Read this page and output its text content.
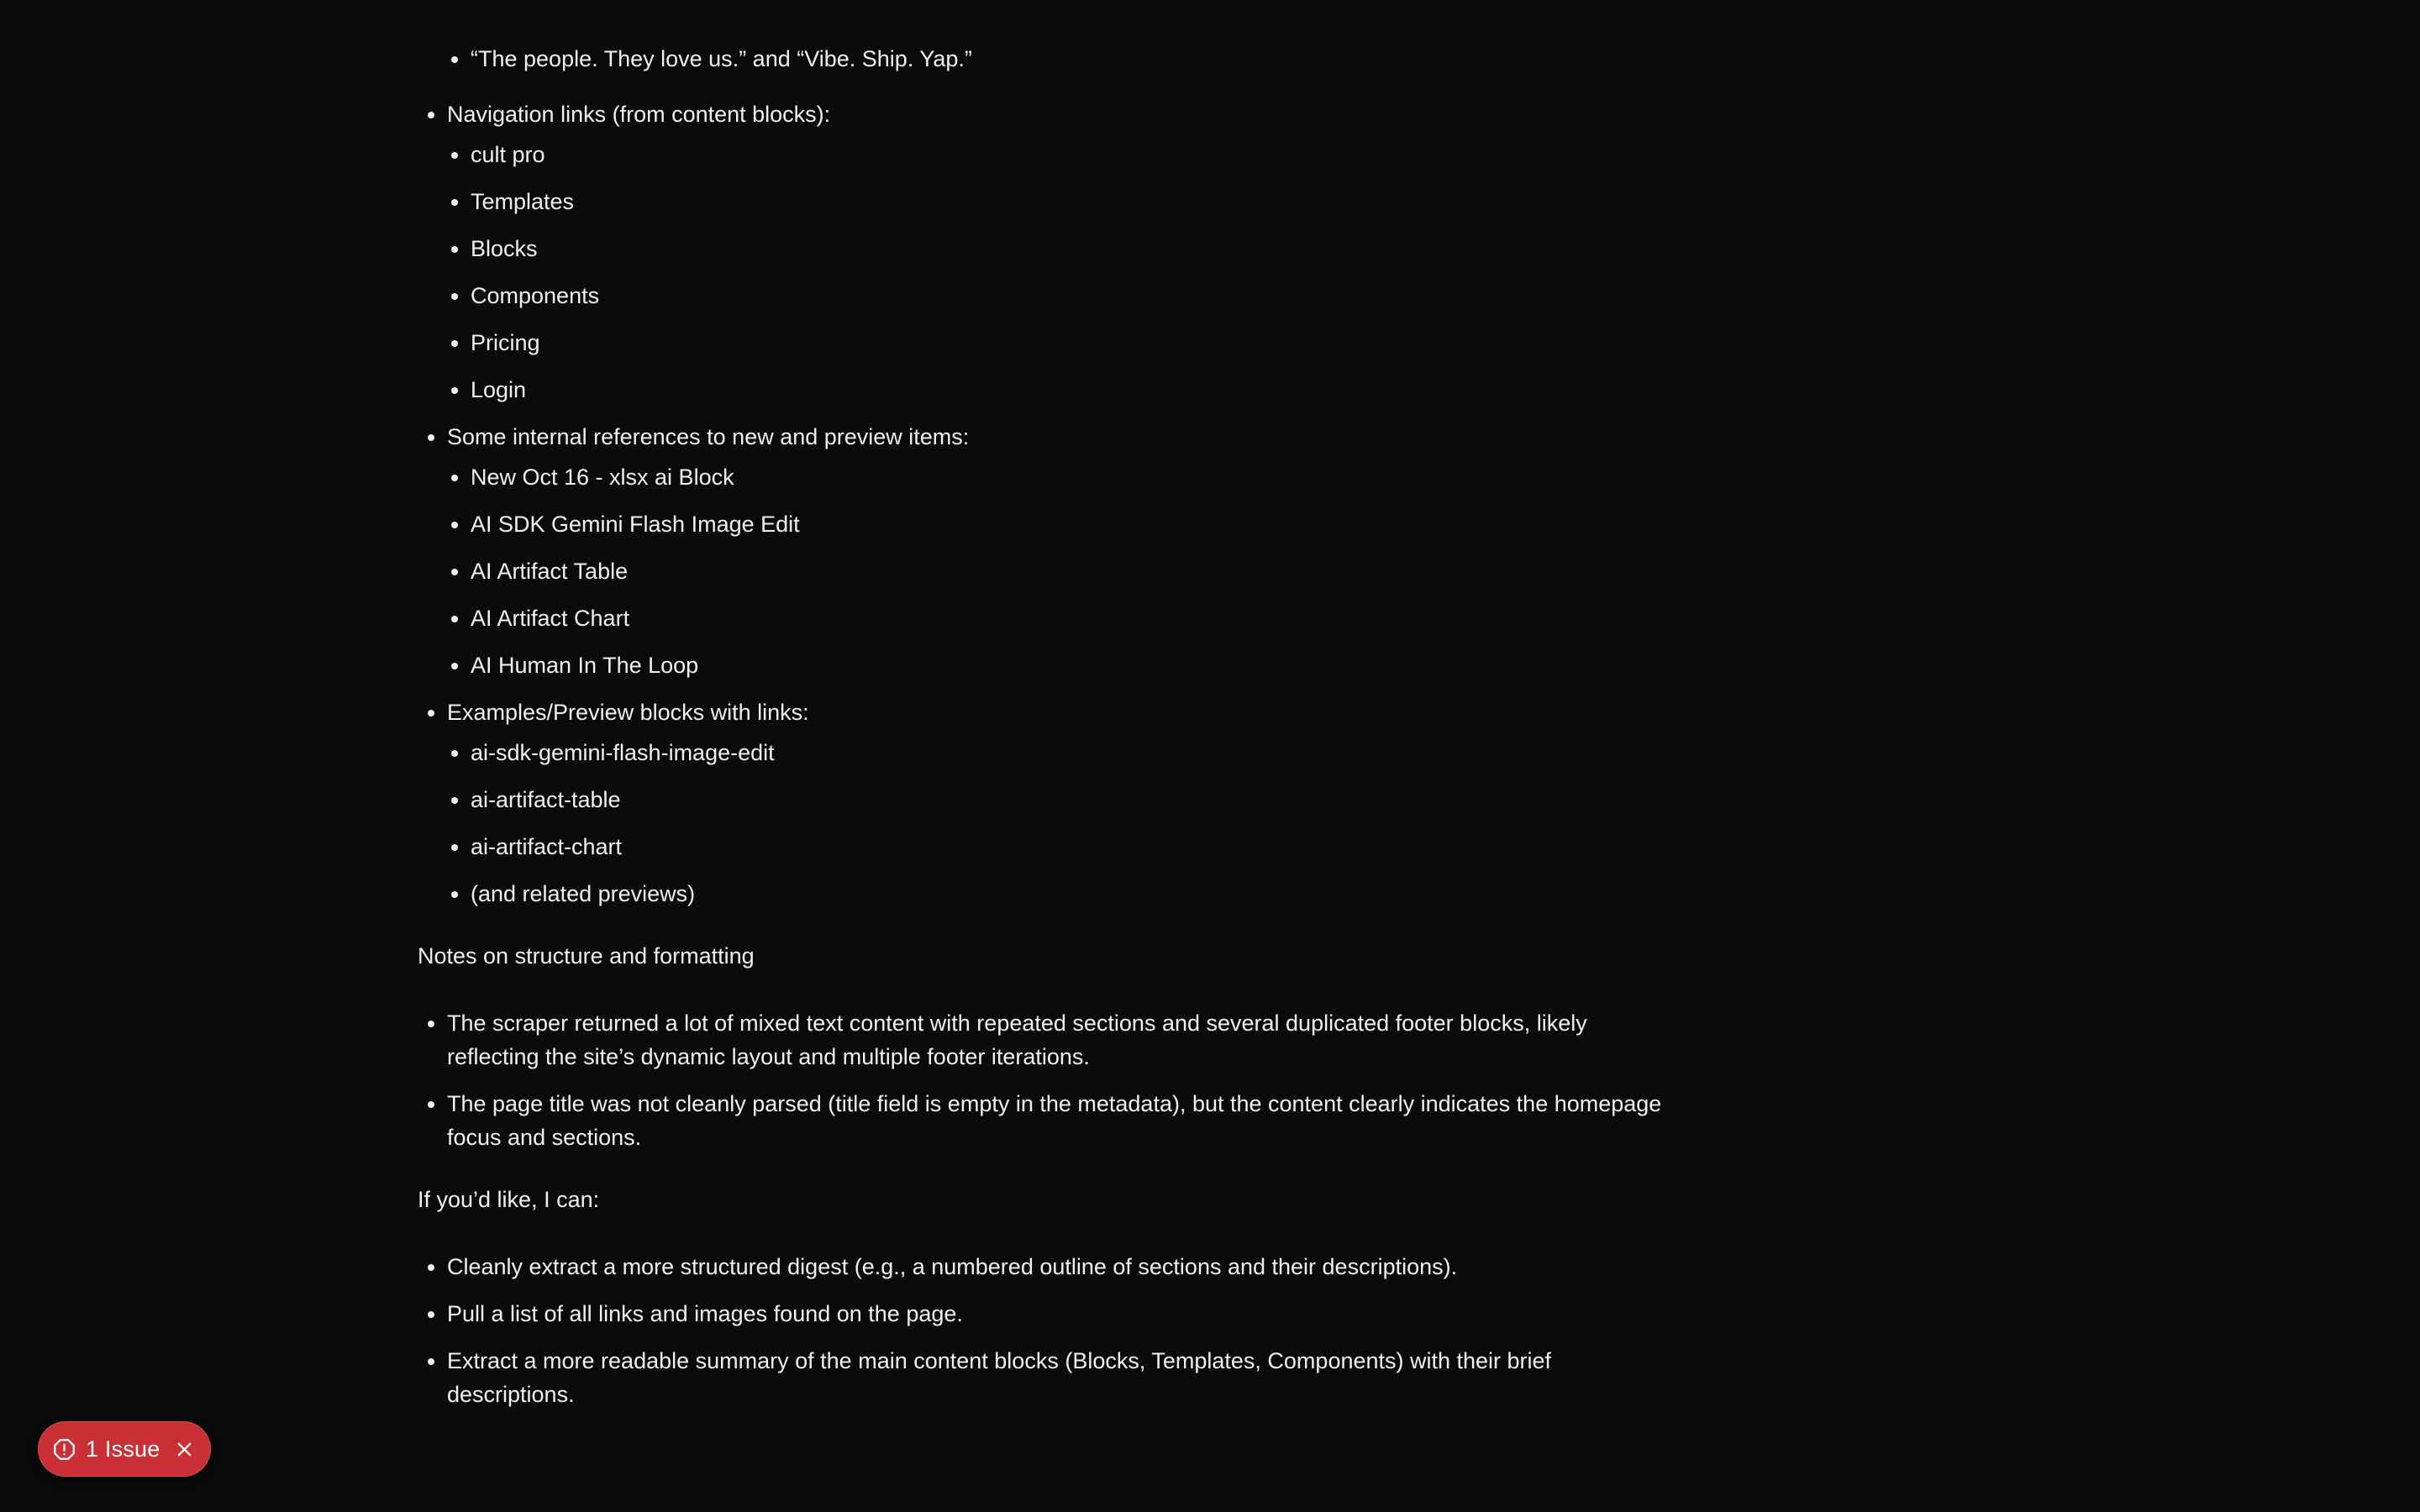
• “The people. They love us.” and “Vibe. Ship. Yap.”
• Navigation links (from content blocks):
• cult pro
• Templates
• Blocks
• Components
• Pricing
• Login
• Some internal references to new and preview items:
• New Oct 16 - xlsx ai Block
• AI SDK Gemini Flash Image Edit
• AI Artifact Table
• AI Artifact Chart
• AI Human In The Loop
• Examples/Preview blocks with links:
• ai-sdk-gemini-flash-image-edit
• ai-artifact-table
• ai-artifact-chart
• (and related previews)

Notes on structure and formatting

• The scraper returned a lot of mixed text content with repeated sections and several duplicated footer blocks, likely reflecting the site’s dynamic layout and multiple footer iterations.
• The page title was not cleanly parsed (title field is empty in the metadata), but the content clearly indicates the homepage focus and sections.

If you’d like, I can:

• Cleanly extract a more structured digest (e.g., a numbered outline of sections and their descriptions).
• Pull a list of all links and images found on the page.
• Extract a more readable summary of the main content blocks (Blocks, Templates, Components) with their brief descriptions.
1 Issue
